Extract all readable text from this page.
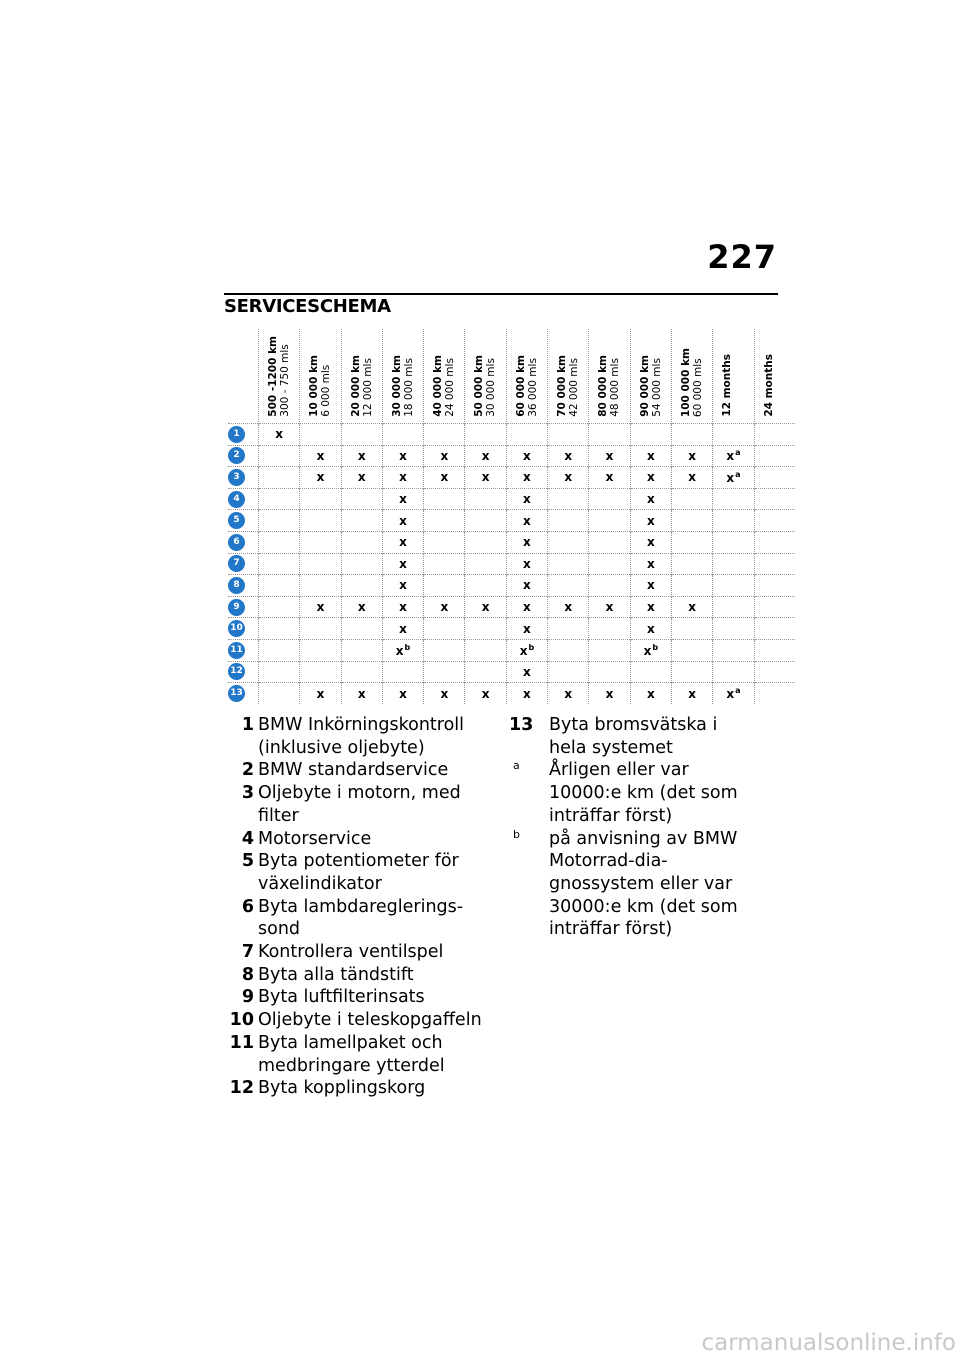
227
SERVICESCHEMA

	500 -1200 km 300 - 750 mls	10 000 km 6 000 mls	20 000 km 12 000 mls	30 000 km 18 000 mls	40 000 km 24 000 mls	50 000 km 30 000 mls	60 000 km 36 000 mls	70 000 km 42 000 mls	80 000 km 48 000 mls	90 000 km 54 000 mls	100 000 km 60 000 mls	12 months	24 months

1	x												
2		x	x	x	x	x	x	x	x	x	x	$x^a$	
3		x	x	x	x	x	x	x	x	x	x	$x^a$	
4				x			x			x			
5				x			x			x			
6				x			x			x			
7				x			x			x			
8				x			x			x			
9		x	x	x	x	x	x	x	x	x	x		
10				x			x			x			
11				$x^b$			$x^b$			$x^b$			
12							x						
13		x	x	x	x	x	x	x	x	x	x	$x^a$	
1 BMW Inkörningskontroll (inklusive oljebyte)
2 BMW standardservice
3 Oljebyte i motorn, med filter
4 Motorservice
5 Byta potentiometer för växelindikator
6 Byta lambdareglerings-sond
7 Kontrollera ventilspel
8 Byta alla tändstift
9 Byta luftfilterinsats
10 Oljebyte i teleskopgaffeln
11 Byta lamellpaket och medbringare ytterdel
12 Byta kopplingskorg
13 Byta bromsvätska i hela systemet
a	Årligen eller var 10000:e km (det som inträffar först)
b	på anvisning av BMW Motorrad-dia-gnossystem eller var 30000:e km (det som inträffar först)
carmanualsonline.info
